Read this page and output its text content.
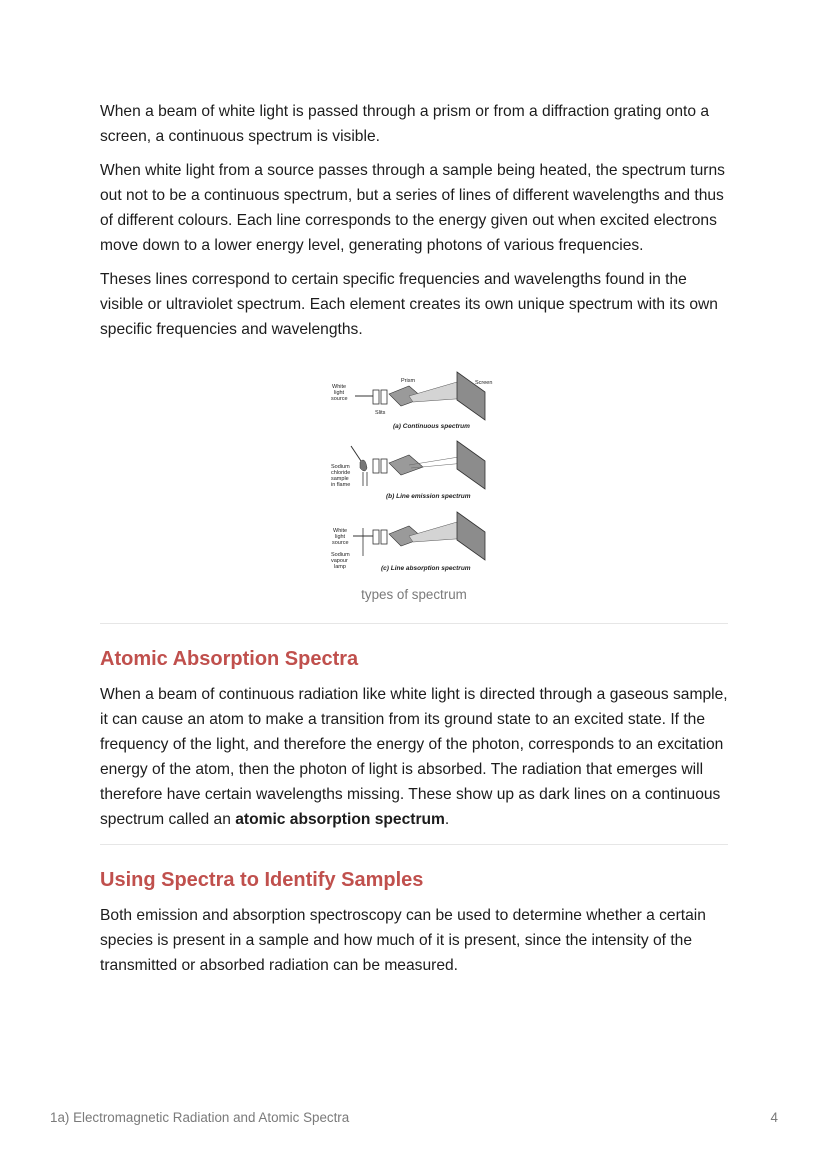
When a beam of white light is passed through a prism or from a diffraction grating onto a screen, a continuous spectrum is visible.

When white light from a source passes through a sample being heated, the spectrum turns out not to be a continuous spectrum, but a series of lines of different wavelengths and thus of different colours. Each line corresponds to the energy given out when excited electrons move down to a lower energy level, generating photons of various frequencies.

Theses lines correspond to certain specific frequencies and wavelengths found in the visible or ultraviolet spectrum. Each element creates its own unique spectrum with its own specific frequencies and wavelengths.

White
light
source
Prism	Screen
Slits
(a) Continuous spectrum
Sodium
chloride
sample
in flame
(b) Line emission spectrum
White
light
source
Sodium
vapour
lamp	(c) Line absorption spectrum
types of spectrum
Atomic Absorption Spectra

When a beam of continuous radiation like white light is directed through a gaseous sample, it can cause an atom to make a transition from its ground state to an excited state. If the frequency of the light, and therefore the energy of the photon, corresponds to an excitation energy of the atom, then the photon of light is absorbed. The radiation that emerges will therefore have certain wavelengths missing. These show up as dark lines on a continuous spectrum called an atomic absorption spectrum.

Using Spectra to Identify Samples

Both emission and absorption spectroscopy can be used to determine whether a certain species is present in a sample and how much of it is present, since the intensity of the transmitted or absorbed radiation can be measured.

1a) Electromagnetic Radiation and Atomic Spectra	4
